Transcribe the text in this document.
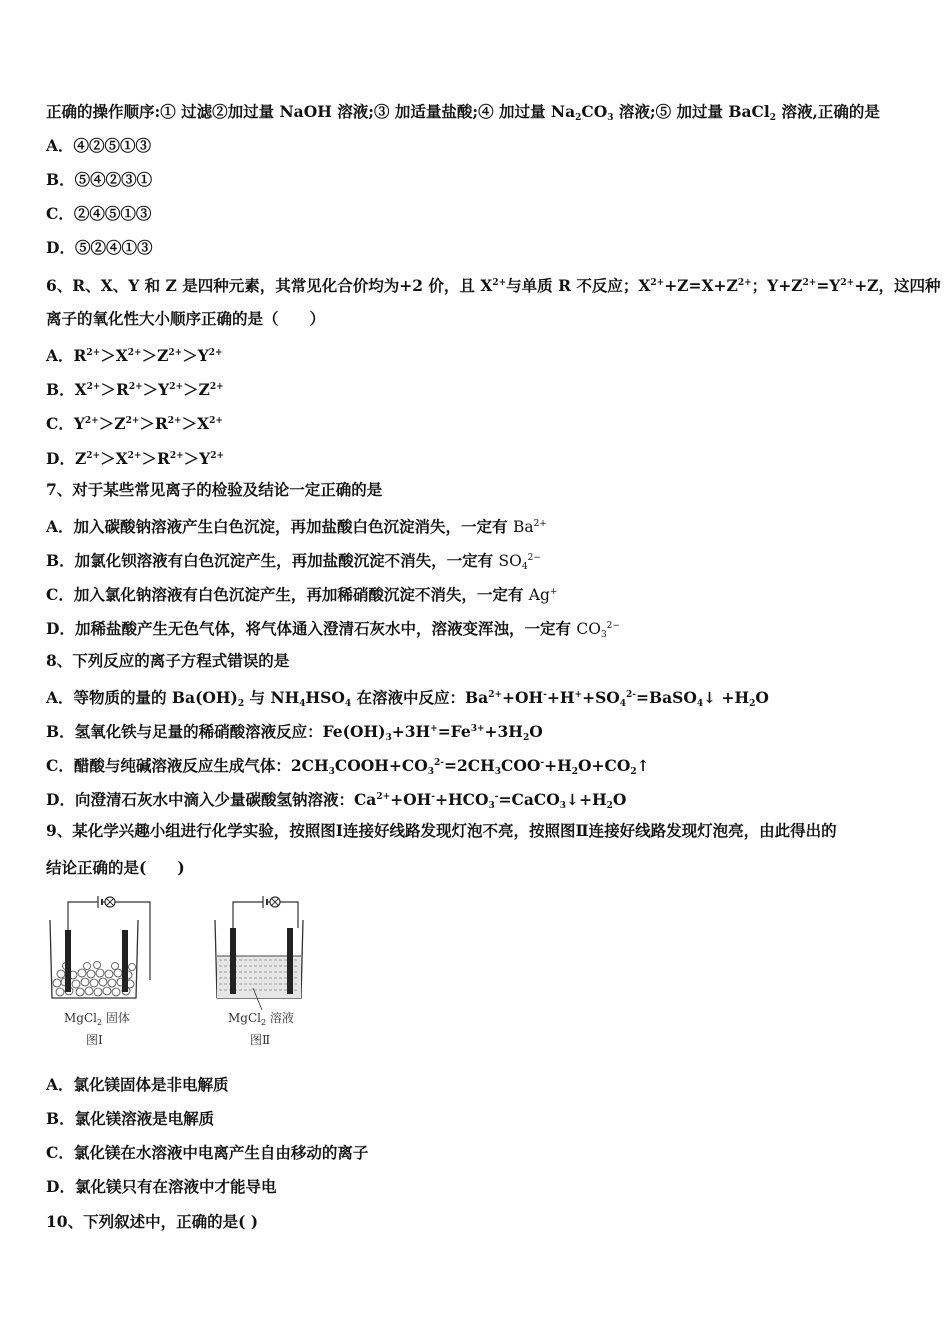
正确的操作顺序:① 过滤②加过量 NaOH 溶液;③ 加适量盐酸;④ 加过量 $Na_2CO_3$ 溶液;⑤ 加过量 BaCl$_2$ 溶液,正确的是
A．④②⑤①③
B．⑤④②③①
C．②④⑤①③
D．⑤②④①③
6、R、X、Y 和 Z 是四种元素，其常见化合价均为+2 价，且 $X^{2+}$与单质 R 不反应；$X^{2+}+Z=X+Z^{2+}$；$Y+Z^{2+}=Y^{2+}+Z$，这四种
离子的氧化性大小顺序正确的是（　　）
A．$R^{2+}>X^{2+}>Z^{2+}>Y^{2+}$
B．$X^{2+}>R^{2+}>Y^{2+}>Z^{2+}$
C．$Y^{2+}>Z^{2+}>R^{2+}>X^{2+}$
D．$Z^{2+}>X^{2+}>R^{2+}>Y^{2+}$
7、对于某些常见离子的检验及结论一定正确的是
A．加入碳酸钠溶液产生白色沉淀，再加盐酸白色沉淀消失，一定有 $Ba^{2+}$
B．加氯化钡溶液有白色沉淀产生，再加盐酸沉淀不消失，一定有 $SO_4^{2-}$
C．加入氯化钠溶液有白色沉淀产生，再加稀硝酸沉淀不消失，一定有 Ag+
D．加稀盐酸产生无色气体，将气体通入澄清石灰水中，溶液变浑浊，一定有 $CO_3^{2-}$
8、下列反应的离子方程式错误的是
A．等物质的量的 $Ba(OH)_2$ 与 $NH_4HSO_4$ 在溶液中反应：$Ba^{2+}+OH^-+H^++SO_4^{2-}=BaSO_4↓ +H_2O$
B．氢氧化铁与足量的稀硝酸溶液反应：$Fe(OH)_3+3H^+=Fe^{3+}+3H_2O$
C．醋酸与纯碱溶液反应生成气体：$2CH_3COOH+CO_3^{2-}=2CH_3COO^-+H_2O+CO_2↑$
D．向澄清石灰水中滴入少量碳酸氢钠溶液：$Ca^{2+}+OH^-+HCO_3^-=CaCO_3↓+H_2O$
9、某化学兴趣小组进行化学实验，按照图Ⅰ连接好线路发现灯泡不亮，按照图Ⅱ连接好线路发现灯泡亮，由此得出的
结论正确的是(　　)
MgCl$_2$ 固体
图Ⅰ
MgCl$_2$ 溶液
图Ⅱ
A．氯化镁固体是非电解质
B．氯化镁溶液是电解质
C．氯化镁在水溶液中电离产生自由移动的离子
D．氯化镁只有在溶液中才能导电
10、下列叙述中，正确的是( )
